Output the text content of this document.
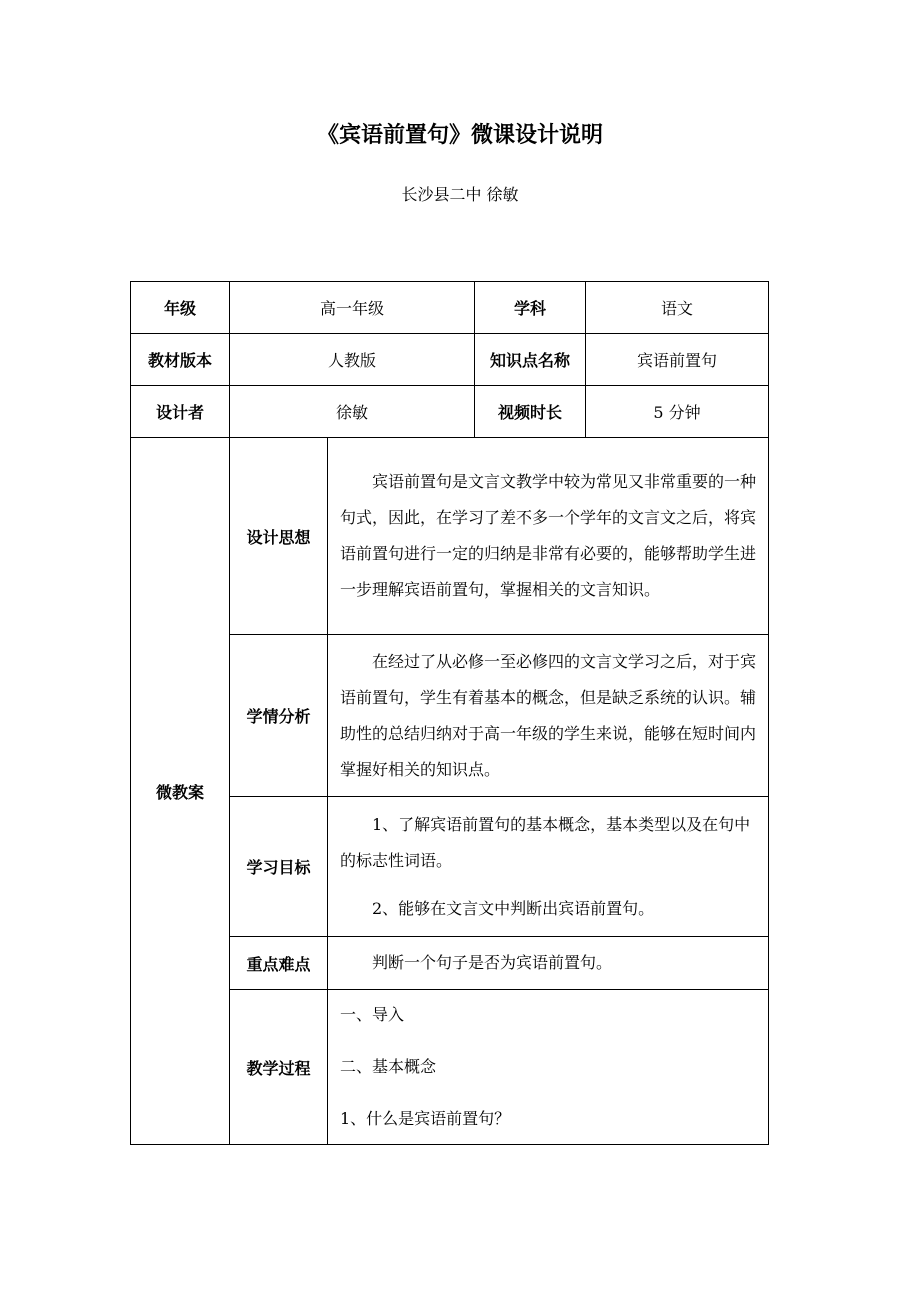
《宾语前置句》微课设计说明
长沙县二中 徐敏
年级	高一年级		学科	语文
教材版本	人教版		知识点名称	宾语前置句
设计者	徐敏		视频时长	5 分钟
微教案	设计思想	宾语前置句是文言文教学中较为常见又非常重要的一种句式，因此，在学习了差不多一个学年的文言文之后，将宾语前置句进行一定的归纳是非常有必要的，能够帮助学生进一步理解宾语前置句，掌握相关的文言知识。		

	学情分析	在经过了从必修一至必修四的文言文学习之后，对于宾语前置句，学生有着基本的概念，但是缺乏系统的认识。辅助性的总结归纳对于高一年级的学生来说，能够在短时间内掌握好相关的知识点。		

	学习目标	1、了解宾语前置句的基本概念，基本类型以及在句中的标志性词语。

2、能够在文言文中判断出宾语前置句。		

	重点难点	判断一个句子是否为宾语前置句。		

	教学过程	一、导入

二、基本概念

1、什么是宾语前置句？		
